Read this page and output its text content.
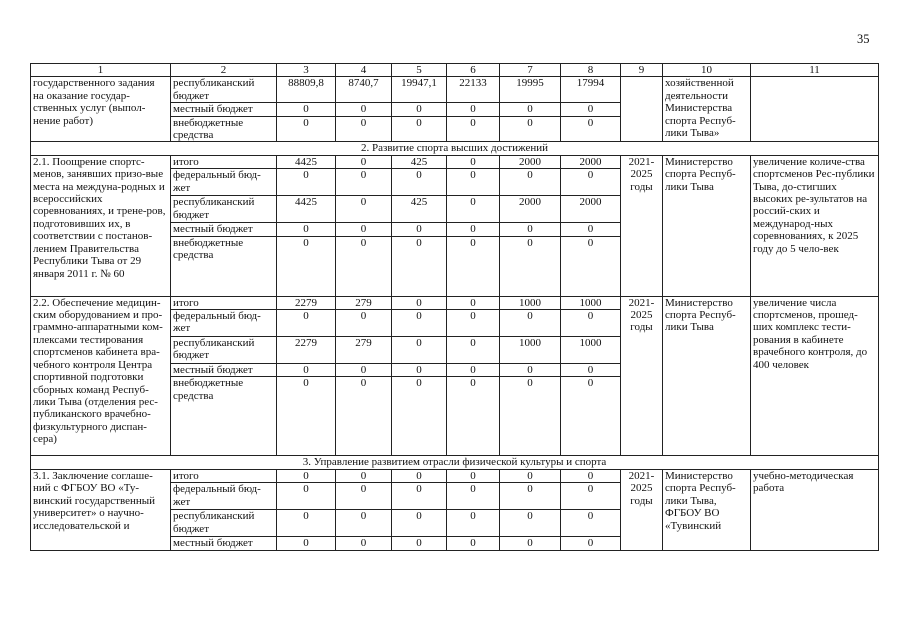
35
1	2	3	4	5	6	7	8	9	10	11
государственного задания на оказание государ-ственных услуг (выпол-нение работ)	республиканский бюджет	88809,8	8740,7	19947,1	22133	19995	17994		хозяйственной деятельности Министерства спорта Респуб-лики Тыва»	
	местный бюджет	0	0	0	0	0	0			
	внебюджетные средства	0	0	0	0	0	0			
2. Развитие спорта высших достижений										
2.1. Поощрение спортс-менов, занявших призо-вые места на междуна-родных и всероссийских соревнованиях, и трене-ров, подготовивших их, в соответствии с постанов-лением Правительства Республики Тыва от 29 января 2011 г. № 60	итого	4425	0	425	0	2000	2000	2021-2025 годы	Министерство спорта Респуб-лики Тыва	увеличение количе-ства спортсменов Рес-публики Тыва, до-стигших высоких ре-зультатов на россий-ских и международ-ных соревнованиях, к 2025 году до 5 чело-век
	федеральный бюд-жет	0	0	0	0	0	0			
	республиканский бюджет	4425	0	425	0	2000	2000			
	местный бюджет	0	0	0	0	0	0			
	внебюджетные средства	0	0	0	0	0	0			
2.2. Обеспечение медицин-ским оборудованием и про-граммно-аппаратными ком-плексами тестирования спортсменов кабинета вра-чебного контроля Центра спортивной подготовки сборных команд Респуб-лики Тыва (отделения рес-публиканского врачебно-физкультурного диспан-сера)	итого	2279	279	0	0	1000	1000	2021-2025 годы	Министерство спорта Респуб-лики Тыва	увеличение числа спортсменов, прошед-ших комплекс тести-рования в кабинете врачебного контроля, до 400 человек
	федеральный бюд-жет	0	0	0	0	0	0			
	республиканский бюджет	2279	279	0	0	1000	1000			
	местный бюджет	0	0	0	0	0	0			
	внебюджетные средства	0	0	0	0	0	0			
3. Управление развитием отрасли физической культуры и спорта										
3.1. Заключение соглаше-ний с ФГБОУ ВО «Ту-винский государственный университет» о научно-исследовательской и	итого	0	0	0	0	0	0	2021-2025 годы	Министерство спорта Респуб-лики Тыва, ФГБОУ ВО «Тувинский	учебно-методическая работа
	федеральный бюд-жет	0	0	0	0	0	0			
	республиканский бюджет	0	0	0	0	0	0			
	местный бюджет	0	0	0	0	0	0			
